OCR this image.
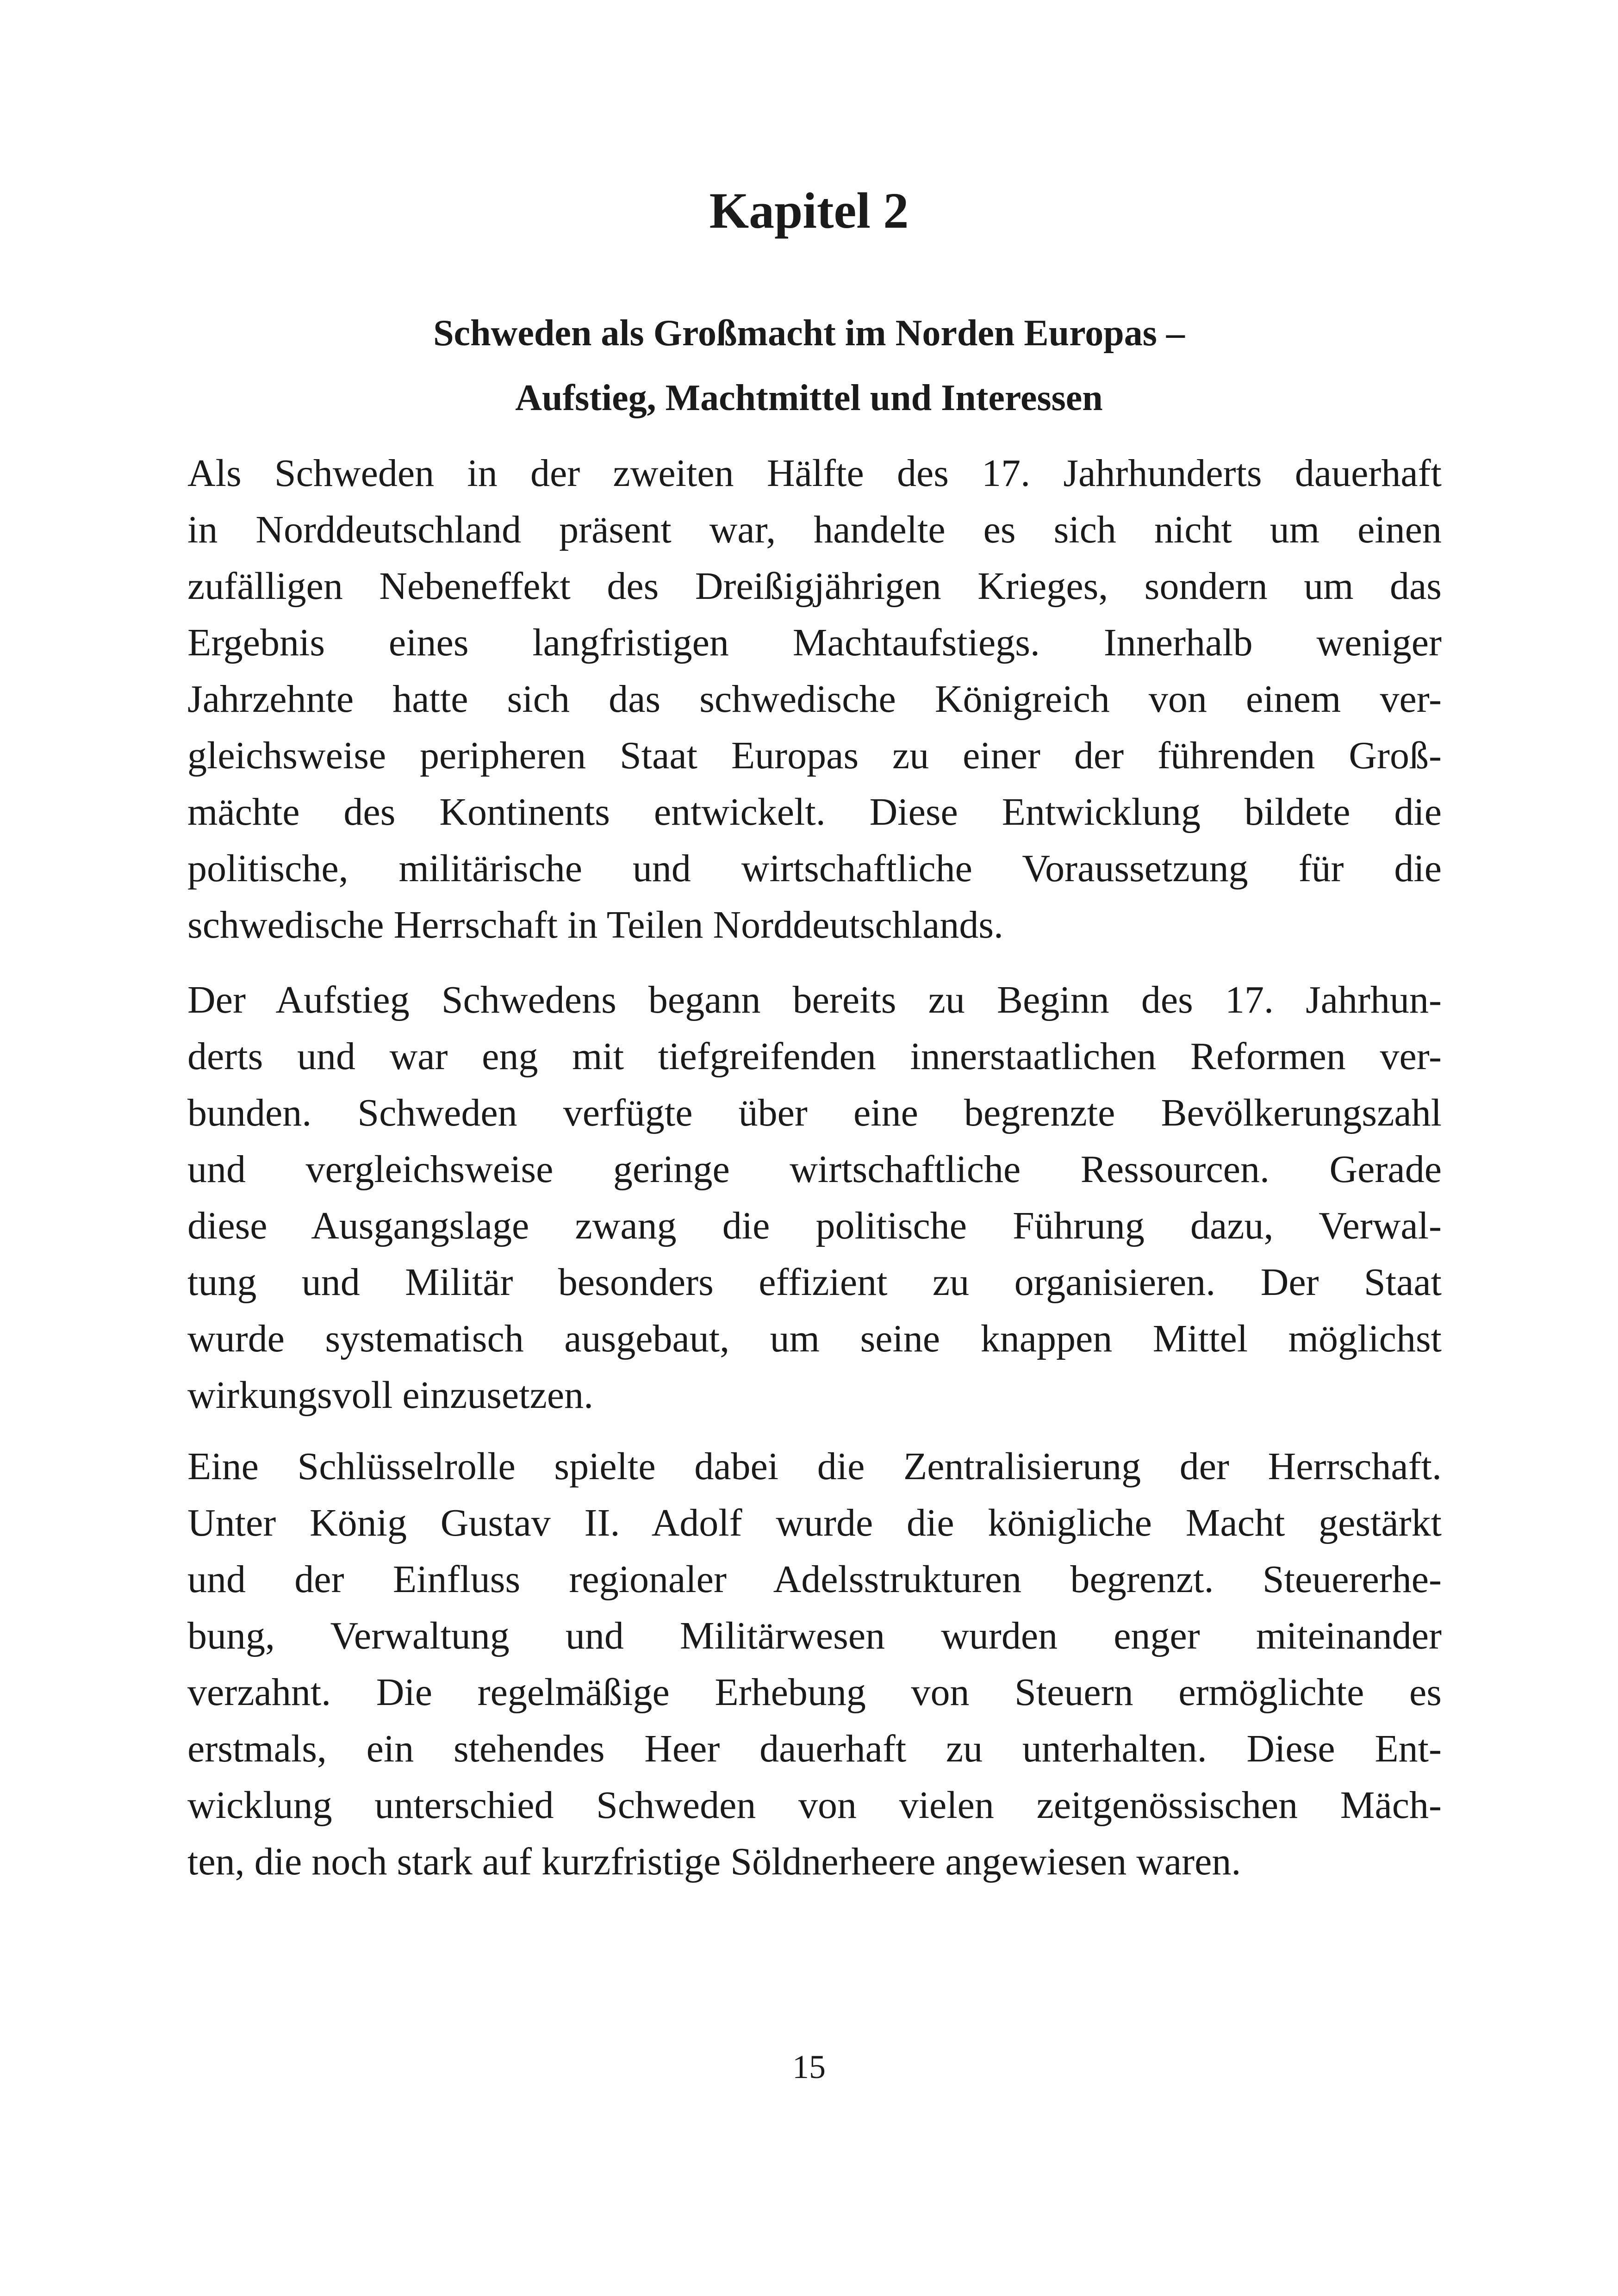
Kapitel 2
Schweden als Großmacht im Norden Europas –
Aufstieg, Machtmittel und Interessen

Als Schweden in der zweiten Hälfte des 17. Jahrhunderts dauerhaft
in Norddeutschland präsent war, handelte es sich nicht um einen
zufälligen Nebeneffekt des Dreißigjährigen Krieges, sondern um das
Ergebnis eines langfristigen Machtaufstiegs. Innerhalb weniger
Jahrzehnte hatte sich das schwedische Königreich von einem ver-
gleichsweise peripheren Staat Europas zu einer der führenden Groß-
mächte des Kontinents entwickelt. Diese Entwicklung bildete die
politische, militärische und wirtschaftliche Voraussetzung für die
schwedische Herrschaft in Teilen Norddeutschlands.

Der Aufstieg Schwedens begann bereits zu Beginn des 17. Jahrhun-
derts und war eng mit tiefgreifenden innerstaatlichen Reformen ver-
bunden. Schweden verfügte über eine begrenzte Bevölkerungszahl
und vergleichsweise geringe wirtschaftliche Ressourcen. Gerade
diese Ausgangslage zwang die politische Führung dazu, Verwal-
tung und Militär besonders effizient zu organisieren. Der Staat
wurde systematisch ausgebaut, um seine knappen Mittel möglichst
wirkungsvoll einzusetzen.

Eine Schlüsselrolle spielte dabei die Zentralisierung der Herrschaft.
Unter König Gustav II. Adolf wurde die königliche Macht gestärkt
und der Einfluss regionaler Adelsstrukturen begrenzt. Steuererhe-
bung, Verwaltung und Militärwesen wurden enger miteinander
verzahnt. Die regelmäßige Erhebung von Steuern ermöglichte es
erstmals, ein stehendes Heer dauerhaft zu unterhalten. Diese Ent-
wicklung unterschied Schweden von vielen zeitgenössischen Mäch-
ten, die noch stark auf kurzfristige Söldnerheere angewiesen waren.

15
